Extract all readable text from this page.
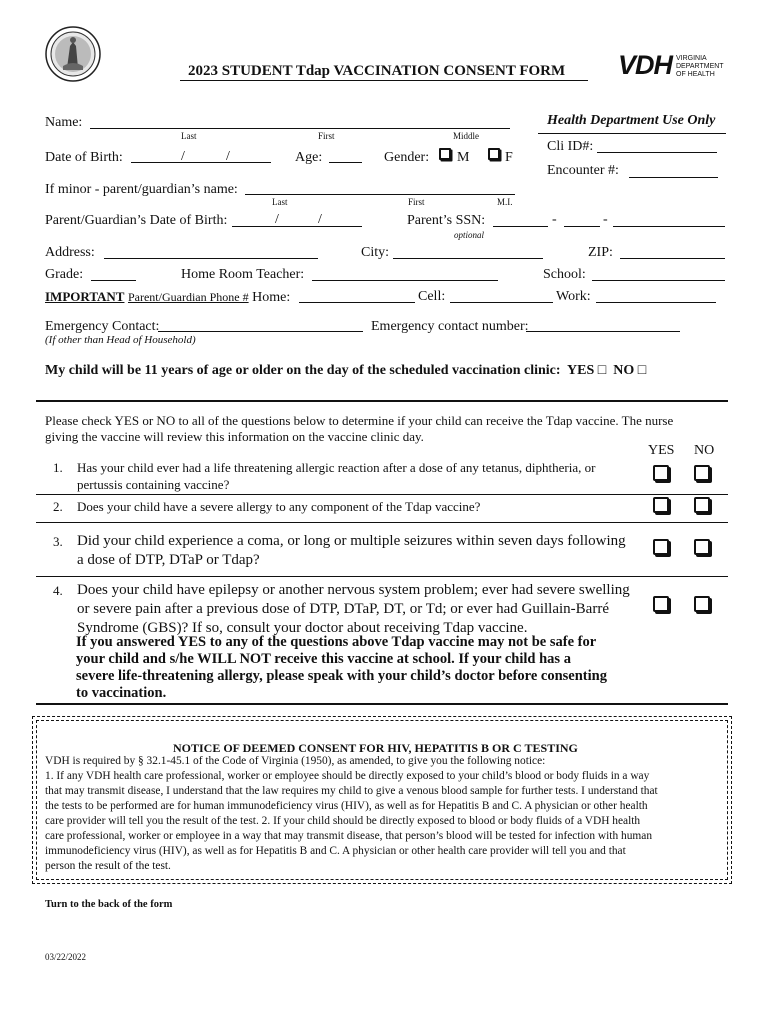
2023 STUDENT Tdap VACCINATION CONSENT FORM VDH VIRGINIA
DEPARTMENT
OF HEALTH
Name:
Last	First	Middle
Health Department Use Only
Cli ID#:
Encounter #:
Date of Birth:	/	/	Age:	Gender: M	F
If minor - parent/guardian’s name:
Last	First	M.I.
Parent/Guardian’s Date of Birth:	/	/	Parent’s SSN:	-	-
optional
Address:	City:	ZIP:
Grade:	Home Room Teacher:	School:
IMPORTANT Parent/Guardian Phone # Home:	Cell:	Work:
Emergency Contact:	Emergency contact number:
(If other than Head of Household)
My child will be 11 years of age or older on the day of the scheduled vaccination clinic: YES □ NO □
Please check YES or NO to all of the questions below to determine if your child can receive the Tdap vaccine. The nurse
giving the vaccine will review this information on the vaccine clinic day.
YES NO
1. Has your child ever had a life threatening allergic reaction after a dose of any tetanus, diphtheria, or
pertussis containing vaccine?
2. Does your child have a severe allergy to any component of the Tdap vaccine?
3. Did your child experience a coma, or long or multiple seizures within seven days following
a dose of DTP, DTaP or Tdap?
4. Does your child have epilepsy or another nervous system problem; ever had severe swelling
or severe pain after a previous dose of DTP, DTaP, DT, or Td; or ever had Guillain-Barré
Syndrome (GBS)? If so, consult your doctor about receiving Tdap vaccine.
If you answered YES to any of the questions above Tdap vaccine may not be safe for
your child and s/he WILL NOT receive this vaccine at school. If your child has a
severe life-threatening allergy, please speak with your child’s doctor before consenting
to vaccination.
NOTICE OF DEEMED CONSENT FOR HIV, HEPATITIS B OR C TESTING
VDH is required by § 32.1-45.1 of the Code of Virginia (1950), as amended, to give you the following notice:
1. If any VDH health care professional, worker or employee should be directly exposed to your child’s blood or body fluids in a way
that may transmit disease, I understand that the law requires my child to give a venous blood sample for further tests. I understand that
the tests to be performed are for human immunodeficiency virus (HIV), as well as for Hepatitis B and C. A physician or other health
care provider will tell you the result of the test. 2. If your child should be directly exposed to blood or body fluids of a VDH health
care professional, worker or employee in a way that may transmit disease, that person’s blood will be tested for infection with human
immunodeficiency virus (HIV), as well as for Hepatitis B and C. A physician or other health care provider will tell you and that
person the result of the test.
Turn to the back of the form
03/22/2022
